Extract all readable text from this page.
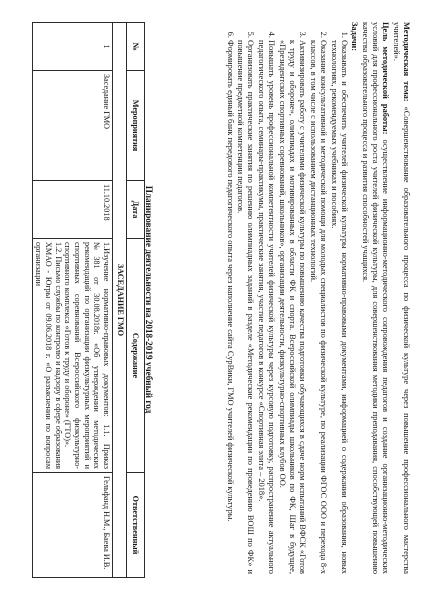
Методическая тема: «Совершенствование образовательного процесса по физической культуре через повышение профессионального мастерства учителей».

Цель методической работы: осуществление информационно-методического сопровождения педагогов и создание организационно-методических условий для профессионального роста учителей физической культуры, для совершенствования методики преподавания, способствующей повышению качества образовательного процесса и развития способностей учащихся.

Задачи:

1. Оказывать и обеспечить учителей физической культуры нормативно-правовыми документами, информацией о содержании образования, новых технологиях, рекомендуемых учебниках и пособиях.
2. Оказание консультативной и методической помощи для молодых специалистов по физической культуре, по реализации ФГОС ООО и перехода 8-х классов, в том числе с использованием дистанционных технологий.
3. Активизировать работу с учителями физической культуры по повышению качества подготовки обучающихся в сдаче норм испытаний ВФСК «Готов к труду и обороне», олимпиадах и мотивированных в области ФК и спорта. Всероссийской олимпиады школьников по ФК, Шаг в будущее, «Президентских спортивных соревнований, школьников», организации деятельности, физкультурно-спортивных клубов ОО.
4. Повышать уровень профессиональной компетентности учителей физической культуры через курсовую подготовку, распространение актуального педагогического опыта, семинары-практикумы, практические занятия, участие педагогов в конкурсе «Спортивная элита – 2018».
5. Организовать практические занятия по решению олимпиадных заданий в разделе «Методические рекомендации по проведению ВОШ по ФК» и повышение предметной компетенции педагогов.
6. Формировать единый банк передового педагогического опыта через наполнение сайта СурВики, ГМО учителей физической культуры.
Планирование деятельности на 2018-2019 учебный год
№	Мероприятия	Дата	Содержание	Ответственный
ЗАСЕДАНИЕ ГМО				
1	Заседание ГМО	11.10.2018	1.Изучение нормативно-правовых документов: 1.1. Приказ №381 от 30.08.2018г. «Об утверждении методических рекомендаций по организации физкультурных мероприятий и спортивных соревнований Всероссийского физкультурно-спортивного комплекса «Готов к труду и обороне» (ГТО)».
1.2. Письмо службы по контролю и надзору в сфере образования ХМАО - Югры от 09.06.2018 г. «О разъяснении по вопросам организации	Гельфанд Н.М., Баева И.В.
